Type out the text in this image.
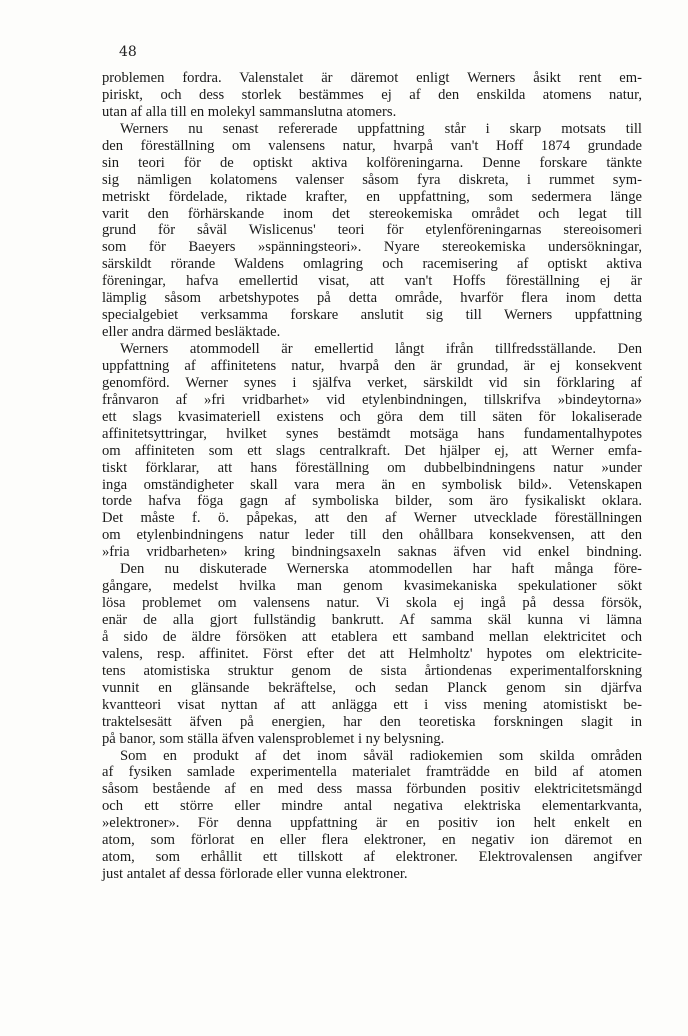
48
problemen fordra. Valenstalet är däremot enligt Werners åsikt rent em-
piriskt, och dess storlek bestämmes ej af den enskilda atomens natur,
utan af alla till en molekyl sammanslutna atomers.
Werners nu senast refererade uppfattning står i skarp motsats till
den föreställning om valensens natur, hvarpå van't Hoff 1874 grundade
sin teori för de optiskt aktiva kolföreningarna. Denne forskare tänkte
sig nämligen kolatomens valenser såsom fyra diskreta, i rummet sym-
metriskt fördelade, riktade krafter, en uppfattning, som sedermera länge
varit den förhärskande inom det stereokemiska området och legat till
grund för såväl Wislicenus' teori för etylenföreningarnas stereoisomeri
som för Baeyers »spänningsteori». Nyare stereokemiska undersökningar,
särskildt rörande Waldens omlagring och racemisering af optiskt aktiva
föreningar, hafva emellertid visat, att van't Hoffs föreställning ej är
lämplig såsom arbetshypotes på detta område, hvarför flera inom detta
specialgebiet verksamma forskare anslutit sig till Werners uppfattning
eller andra därmed besläktade.
Werners atommodell är emellertid långt ifrån tillfredsställande. Den
uppfattning af affinitetens natur, hvarpå den är grundad, är ej konsekvent
genomförd. Werner synes i själfva verket, särskildt vid sin förklaring af
frånvaron af »fri vridbarhet» vid etylenbindningen, tillskrifva »bindeytorna»
ett slags kvasimateriell existens och göra dem till säten för lokaliserade
affinitetsyttringar, hvilket synes bestämdt motsäga hans fundamentalhypotes
om affiniteten som ett slags centralkraft. Det hjälper ej, att Werner emfa-
tiskt förklarar, att hans föreställning om dubbelbindningens natur »under
inga omständigheter skall vara mera än en symbolisk bild». Vetenskapen
torde hafva föga gagn af symboliska bilder, som äro fysikaliskt oklara.
Det måste f. ö. påpekas, att den af Werner utvecklade föreställningen
om etylenbindningens natur leder till den ohållbara konsekvensen, att den
»fria vridbarheten» kring bindningsaxeln saknas äfven vid enkel bindning.
Den nu diskuterade Wernerska atommodellen har haft många före-
gångare, medelst hvilka man genom kvasimekaniska spekulationer sökt
lösa problemet om valensens natur. Vi skola ej ingå på dessa försök,
enär de alla gjort fullständig bankrutt. Af samma skäl kunna vi lämna
å sido de äldre försöken att etablera ett samband mellan elektricitet och
valens, resp. affinitet. Först efter det att Helmholtz' hypotes om elektricite-
tens atomistiska struktur genom de sista årtiondenas experimentalforskning
vunnit en glänsande bekräftelse, och sedan Planck genom sin djärfva
kvantteori visat nyttan af att anlägga ett i viss mening atomistiskt be-
traktelsesätt äfven på energien, har den teoretiska forskningen slagit in
på banor, som ställa äfven valensproblemet i ny belysning.
Som en produkt af det inom såväl radiokemien som skilda områden
af fysiken samlade experimentella materialet framträdde en bild af atomen
såsom bestående af en med dess massa förbunden positiv elektricitetsmängd
och ett större eller mindre antal negativa elektriska elementarkvanta,
»elektroner». För denna uppfattning är en positiv ion helt enkelt en
atom, som förlorat en eller flera elektroner, en negativ ion däremot en
atom, som erhållit ett tillskott af elektroner. Elektrovalensen angifver
just antalet af dessa förlorade eller vunna elektroner.
